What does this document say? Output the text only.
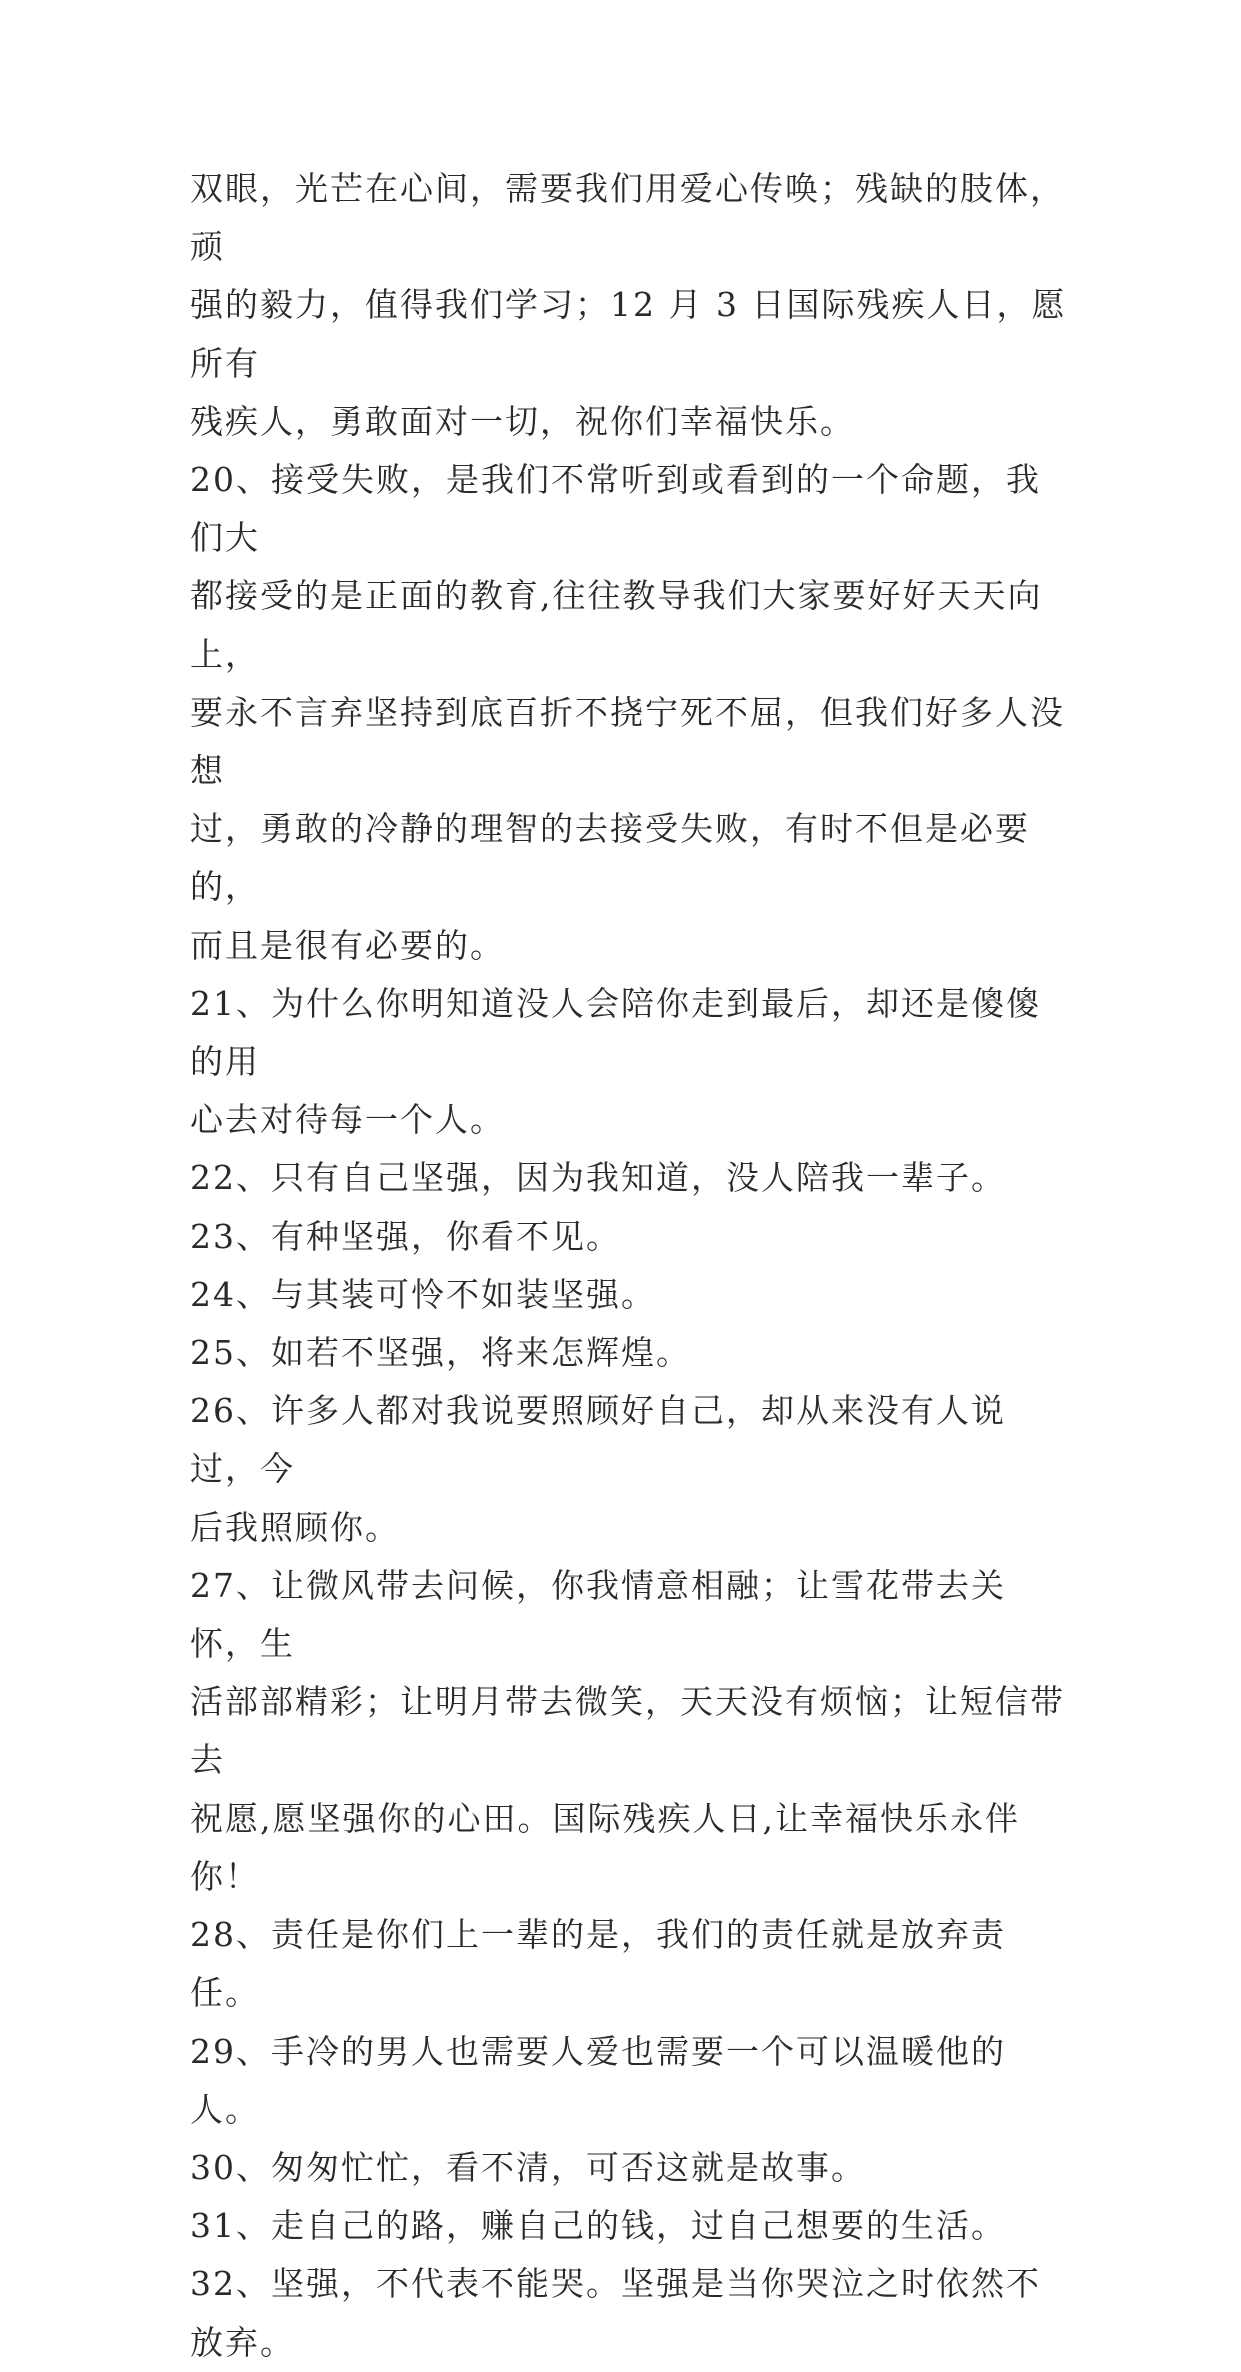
双眼，光芒在心间，需要我们用爱心传唤；残缺的肢体，顽
强的毅力，值得我们学习；12 月 3 日国际残疾人日，愿所有
残疾人，勇敢面对一切，祝你们幸福快乐。

20、接受失败，是我们不常听到或看到的一个命题，我们大
都接受的是正面的教育,往往教导我们大家要好好天天向上，
要永不言弃坚持到底百折不挠宁死不屈，但我们好多人没想
过，勇敢的冷静的理智的去接受失败，有时不但是必要的，
而且是很有必要的。

21、为什么你明知道没人会陪你走到最后，却还是傻傻的用
心去对待每一个人。

22、只有自己坚强，因为我知道，没人陪我一辈子。

23、有种坚强，你看不见。

24、与其装可怜不如装坚强。

25、如若不坚强，将来怎辉煌。

26、许多人都对我说要照顾好自己，却从来没有人说过，今
后我照顾你。

27、让微风带去问候，你我情意相融；让雪花带去关怀，生
活部部精彩；让明月带去微笑，天天没有烦恼；让短信带去
祝愿,愿坚强你的心田。国际残疾人日,让幸福快乐永伴你！

28、责任是你们上一辈的是，我们的责任就是放弃责任。

29、手冷的男人也需要人爱也需要一个可以温暖他的人。

30、匆匆忙忙，看不清，可否这就是故事。

31、走自己的路，赚自己的钱，过自己想要的生活。

32、坚强，不代表不能哭。坚强是当你哭泣之时依然不放弃。
